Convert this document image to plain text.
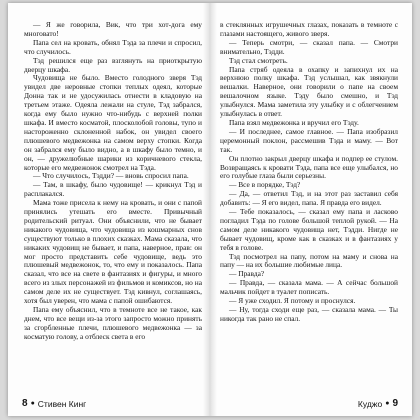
— Я же говорила, Вик, что три хот-дога ему многовато!

Папа сел на кровать, обнял Тэда за плечи и спросил, что случилось.

Тэд решился еще раз взглянуть на приоткрытую дверцу шкафа.

Чудовища не было. Вместо голодного зверя Тэд увидел две неровные стопки теплых одеял, которые Донна так и не удосужилась отнести в кладовую на третьем этаже. Одеяла лежали на стуле, Тэд забрался, когда ему было нужно что-нибудь с верхней полки шкафа. И вместо косматой, плосколобой головы, тупо и настороженно склоненной набок, он увидел своего плюшевого медвежонка на самом верху стопки. Когда он забрался ему было видно, а в шкафу было темно, и он, — дружелюбные шарики из коричневого стекла, которые его медвежонок смотрел на Тэда.

— Что случилось, Тэдди? — вновь спросил папа.

— Там, в шкафу, было чудовище! — крикнул Тэд и расплакался.

Мама тоже присела к нему на кровать, и они с папой принялись утешать его вместе. Привычный родительский ритуал. Они объяснили, что не бывает никакого чудовища, что чудовища из кошмарных снов существуют только в плохих сказках. Мама сказала, что никаких чудовищ не бывает, и папа, наверное, прав: он мог просто представить себе чудовище, ведь это плюшевый медвежонок, то, что ему и показалось. Папа сказал, что все на свете в фантазиях и фигуры, и много всего из злых персонажей из фильмов и комиксов, но на самом деле их не существует. Тэд кивнул, соглашаясь, хотя был уверен, что мама с папой ошибаются.

Папа ему объяснил, что в темноте все не такое, как днем, что все вещи из-за этого запросто можно принять за сгорбленные плечи, плюшевого медвежонка — за косматую голову, а отблеск света в его

8 ● Стивен Кинг

в стеклянных игрушечных глазах, показать в темноте с глазами настоящего, живого зверя.

— Теперь смотри, — сказал папа. — Смотри внимательно, Тэдди.

Тэд стал смотреть.

Папа стряб одеяла в охапку и запихнул их на верхнюю полку шкафа. Тэд услышал, как звякнули вешалки. Наверное, они говорили о папе на своем вешалочном языке. Тэду было смешно, и Тэд улыбнулся. Мама заметила эту улыбку и с облегчением улыбнулась в ответ.

Папа взял медвежонка и вручил его Тэду.

— И последнее, самое главное. — Папа изобразил церемонный поклон, рассмешив Тэда и маму. — Вот так.

Он плотно закрыл дверцу шкафа и подпер ее стулом. Возвращаясь к кровати Тэда, папа все еще улыбался, но его голубые глаза были серьезны.

— Все в порядке, Тэд?

— Да, — ответил Тэд, и на этот раз заставил себя добавить: — Я его видел, папа. Я правда его видел.

— Тебе показалось, — сказал ему папа и ласково погладил Тэда по голове большой теплой рукой. — На самом деле никакого чудовища нет, Тэдди. Нигде не бывает чудовищ, кроме как в сказках и в фантазиях у тебя в голове.

Тэд посмотрел на папу, потом на маму и снова на папу — на их большие любимые лица.

— Правда?

— Правда, — сказала мама. — А сейчас большой мальчик пойдет в туалет пописать.

— Я уже сходил. Я потому и проснулся.

— Ну, тогда сходи еще раз, — сказала мама. — Ты никогда так рано не спал.

Куджо ● 9
